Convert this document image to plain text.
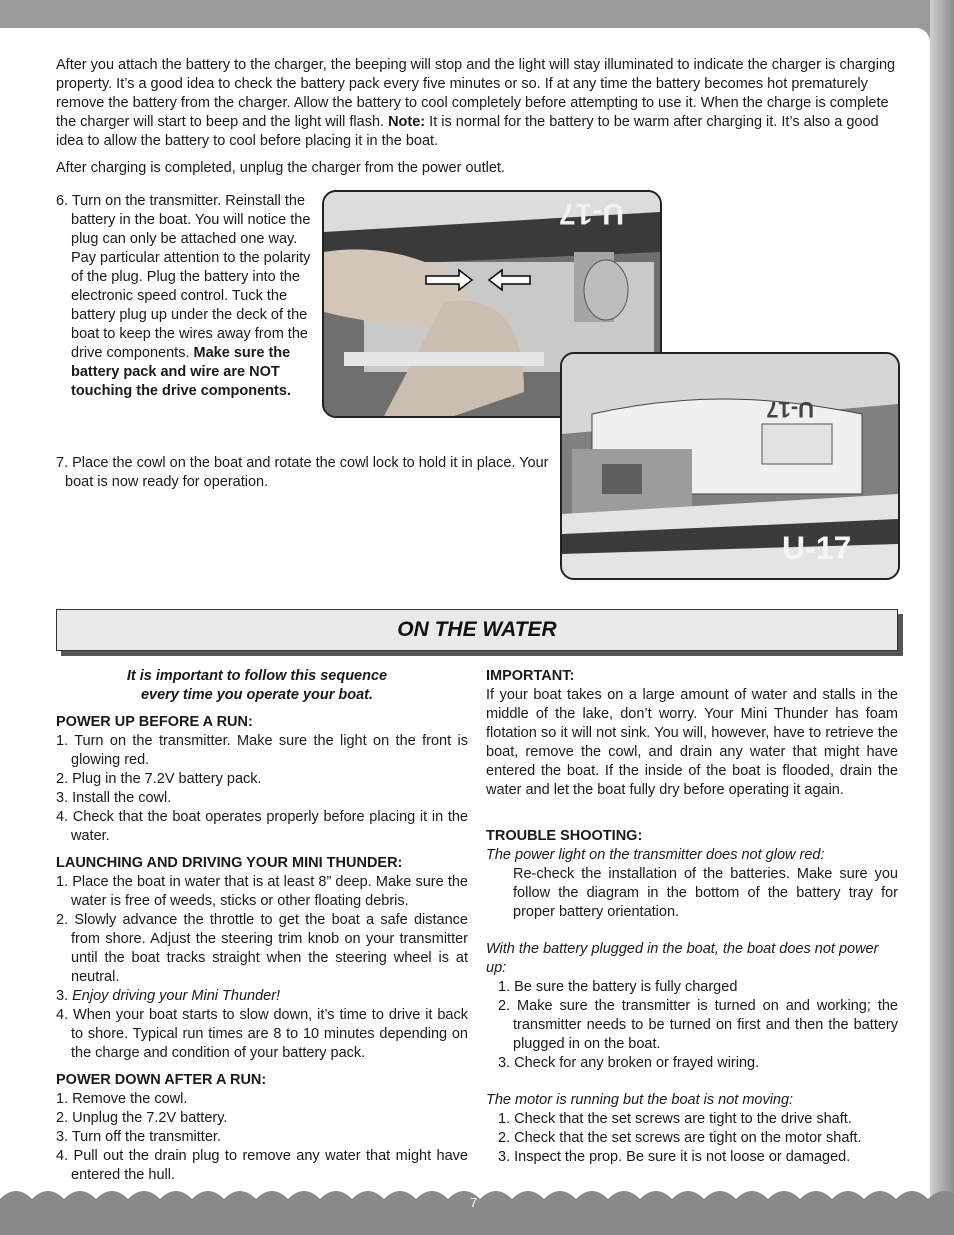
After you attach the battery to the charger, the beeping will stop and the light will stay illuminated to indicate the charger is charging property. It’s a good idea to check the battery pack every five minutes or so. If at any time the battery becomes hot prematurely remove the battery from the charger. Allow the battery to cool completely before attempting to use it. When the charge is complete the charger will start to beep and the light will flash. Note: It is normal for the battery to be warm after charging it. It’s also a good idea to allow the battery to cool before placing it in the boat.

After charging is completed, unplug the charger from the power outlet.

6. Turn on the transmitter. Reinstall the battery in the boat. You will notice the plug can only be attached one way. Pay particular attention to the polarity of the plug. Plug the battery into the electronic speed control. Tuck the battery plug up under the deck of the boat to keep the wires away from the drive components. Make sure the battery pack and wire are NOT touching the drive components.

U-17
U-17
U-17

7. Place the cowl on the boat and rotate the cowl lock to hold it in place. Your boat is now ready for operation.

ON THE WATER
It is important to follow this sequence
every time you operate your boat.
POWER UP BEFORE A RUN:
1. Turn on the transmitter. Make sure the light on the front is glowing red.
2. Plug in the 7.2V battery pack.
3. Install the cowl.
4. Check that the boat operates properly before placing it in the water.
LAUNCHING AND DRIVING YOUR MINI THUNDER:
1. Place the boat in water that is at least 8” deep. Make sure the water is free of weeds, sticks or other floating debris.
2. Slowly advance the throttle to get the boat a safe distance from shore. Adjust the steering trim knob on your transmitter until the boat tracks straight when the steering wheel is at neutral.
3. Enjoy driving your Mini Thunder!
4. When your boat starts to slow down, it’s time to drive it back to shore. Typical run times are 8 to 10 minutes depending on the charge and condition of your battery pack.
POWER DOWN AFTER A RUN:
1. Remove the cowl.
2. Unplug the 7.2V battery.
3. Turn off the transmitter.
4. Pull out the drain plug to remove any water that might have entered the hull.
IMPORTANT:
If your boat takes on a large amount of water and stalls in the middle of the lake, don’t worry. Your Mini Thunder has foam flotation so it will not sink. You will, however, have to retrieve the boat, remove the cowl, and drain any water that might have entered the boat. If the inside of the boat is flooded, drain the water and let the boat fully dry before operating it again.
TROUBLE SHOOTING:
The power light on the transmitter does not glow red:
Re-check the installation of the batteries. Make sure you follow the diagram in the bottom of the battery tray for proper battery orientation.
With the battery plugged in the boat, the boat does not power up:
1. Be sure the battery is fully charged
2. Make sure the transmitter is turned on and working; the transmitter needs to be turned on first and then the battery plugged in on the boat.
3. Check for any broken or frayed wiring.
The motor is running but the boat is not moving:
1. Check that the set screws are tight to the drive shaft.
2. Check that the set screws are tight on the motor shaft.
3. Inspect the prop. Be sure it is not loose or damaged.
7
